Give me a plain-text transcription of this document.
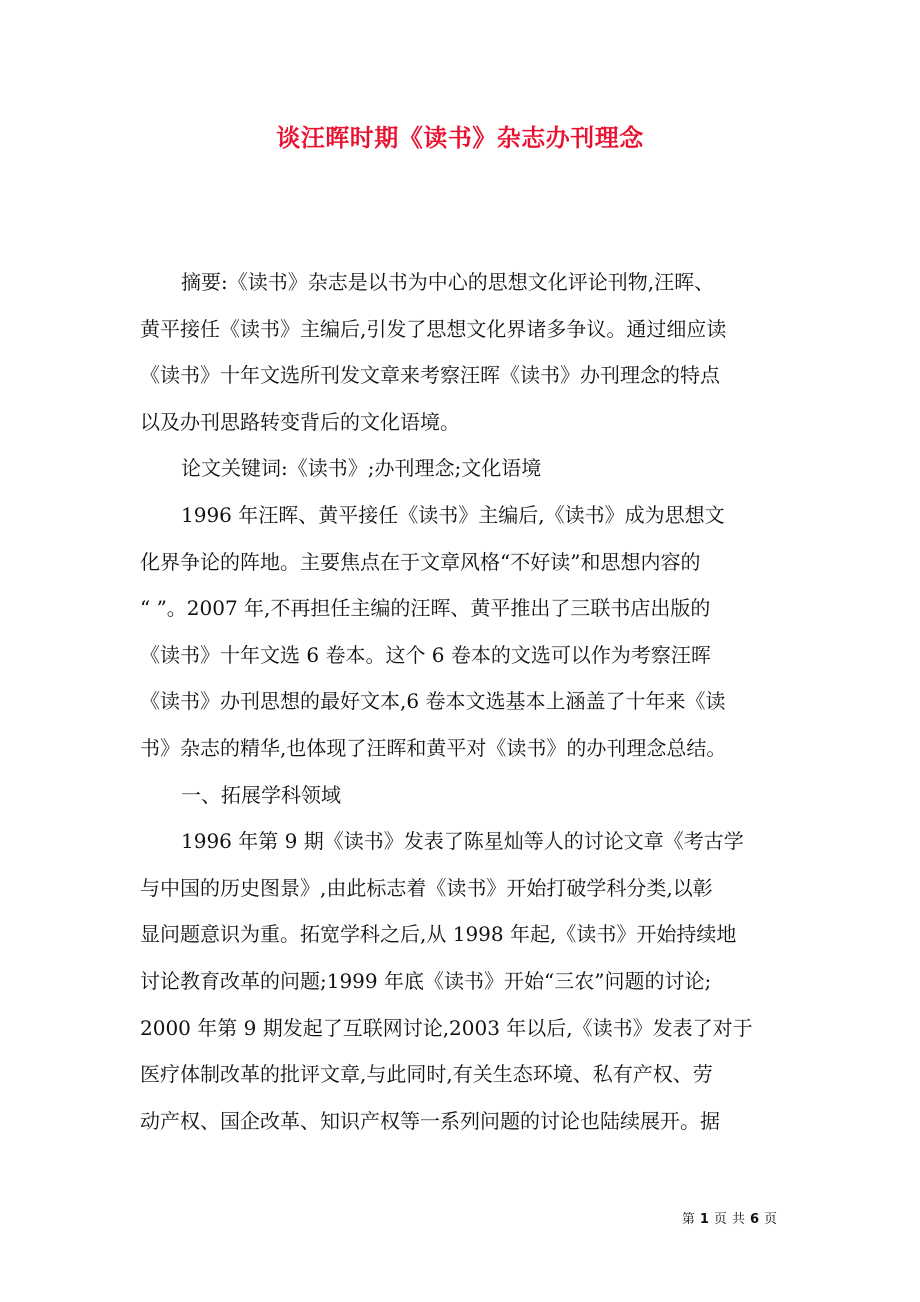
谈汪晖时期《读书》杂志办刊理念
摘要:《读书》杂志是以书为中心的思想文化评论刊物,汪晖、
黄平接任《读书》主编后,引发了思想文化界诸多争议。通过细应读
《读书》十年文选所刊发文章来考察汪晖《读书》办刊理念的特点
以及办刊思路转变背后的文化语境。
论文关键词:《读书》;办刊理念;文化语境
1996 年汪晖、黄平接任《读书》主编后,《读书》成为思想文
化界争论的阵地。主要焦点在于文章风格“不好读”和思想内容的
“ ”。2007 年,不再担任主编的汪晖、黄平推出了三联书店出版的
《读书》十年文选 6 卷本。这个 6 卷本的文选可以作为考察汪晖
《读书》办刊思想的最好文本,6 卷本文选基本上涵盖了十年来《读
书》杂志的精华,也体现了汪晖和黄平对《读书》的办刊理念总结。
一、拓展学科领域
1996 年第 9 期《读书》发表了陈星灿等人的讨论文章《考古学
与中国的历史图景》,由此标志着《读书》开始打破学科分类,以彰
显问题意识为重。拓宽学科之后,从 1998 年起,《读书》开始持续地
讨论教育改革的问题;1999 年底《读书》开始“三农”问题的讨论;
2000 年第 9 期发起了互联网讨论,2003 年以后,《读书》发表了对于
医疗体制改革的批评文章,与此同时,有关生态环境、私有产权、劳
动产权、国企改革、知识产权等一系列问题的讨论也陆续展开。据
第 1 页 共 6 页
